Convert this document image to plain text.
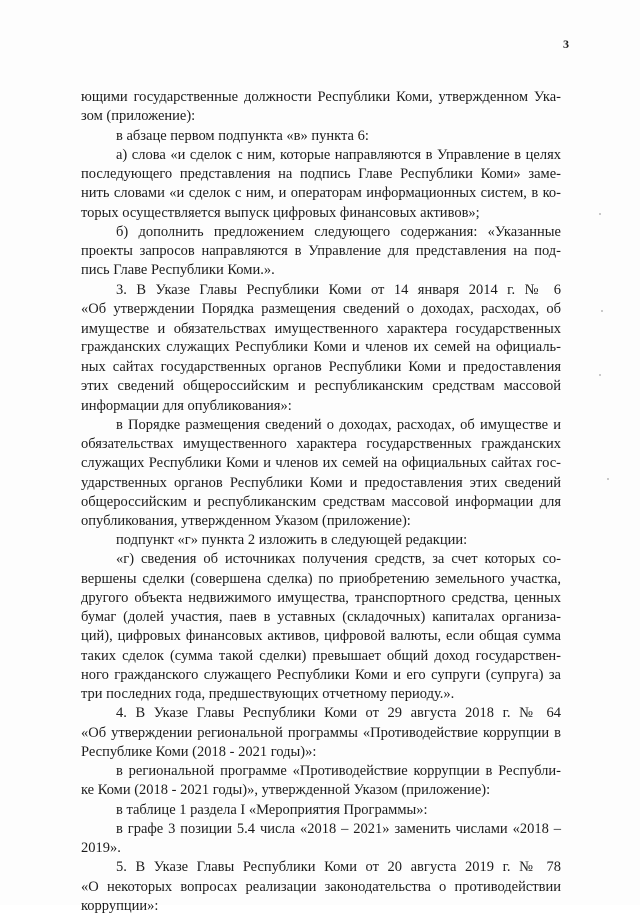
3
ющими государственные должности Республики Коми, утвержденном Ука-
зом (приложение):
в абзаце первом подпункта «в» пункта 6:
а) слова «и сделок с ним, которые направляются в Управление в целях
последующего представления на подпись Главе Республики Коми» заме-
нить словами «и сделок с ним, и операторам информационных систем, в ко-
торых осуществляется выпуск цифровых финансовых активов»;
б) дополнить предложением следующего содержания: «Указанные
проекты запросов направляются в Управление для представления на под-
пись Главе Республики Коми.».
3. В Указе Главы Республики Коми от 14 января 2014 г. № 6
«Об утверждении Порядка размещения сведений о доходах, расходах, об
имуществе и обязательствах имущественного характера государственных
гражданских служащих Республики Коми и членов их семей на официаль-
ных сайтах государственных органов Республики Коми и предоставления
этих сведений общероссийским и республиканским средствам массовой
информации для опубликования»:
в Порядке размещения сведений о доходах, расходах, об имуществе и
обязательствах имущественного характера государственных гражданских
служащих Республики Коми и членов их семей на официальных сайтах гос-
ударственных органов Республики Коми и предоставления этих сведений
общероссийским и республиканским средствам массовой информации для
опубликования, утвержденном Указом (приложение):
подпункт «г» пункта 2 изложить в следующей редакции:
«г) сведения об источниках получения средств, за счет которых со-
вершены сделки (совершена сделка) по приобретению земельного участка,
другого объекта недвижимого имущества, транспортного средства, ценных
бумаг (долей участия, паев в уставных (складочных) капиталах организа-
ций), цифровых финансовых активов, цифровой валюты, если общая сумма
таких сделок (сумма такой сделки) превышает общий доход государствен-
ного гражданского служащего Республики Коми и его супруги (супруга) за
три последних года, предшествующих отчетному периоду.».
4. В Указе Главы Республики Коми от 29 августа 2018 г. № 64
«Об утверждении региональной программы «Противодействие коррупции в
Республике Коми (2018 - 2021 годы)»:
в региональной программе «Противодействие коррупции в Республи-
ке Коми (2018 - 2021 годы)», утвержденной Указом (приложение):
в таблице 1 раздела I «Мероприятия Программы»:
в графе 3 позиции 5.4 числа «2018 – 2021» заменить числами «2018 –
2019».
5. В Указе Главы Республики Коми от 20 августа 2019 г. № 78
«О некоторых вопросах реализации законодательства о противодействии
коррупции»:
